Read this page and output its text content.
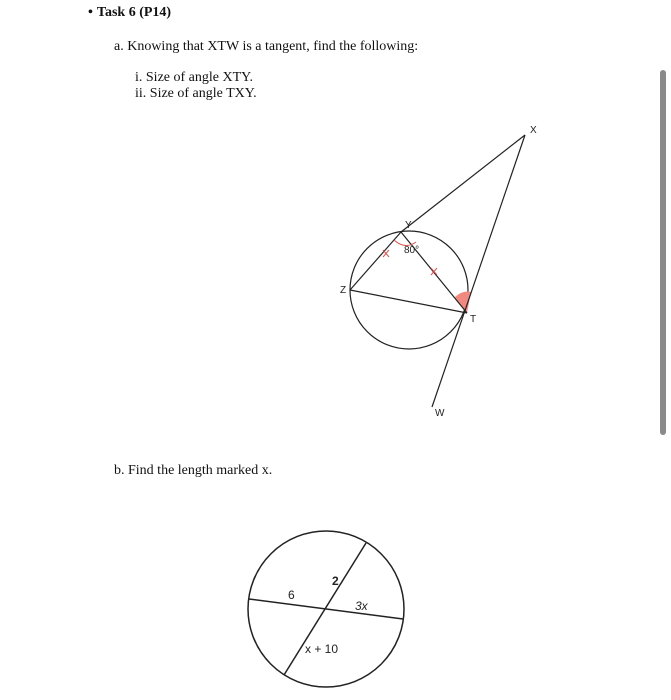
• Task 6 (P14)
a. Knowing that XTW is a tangent, find the following:
i. Size of angle XTY.
ii. Size of angle TXY.
80°
X
Y
Z
T
W
6
2
3x
x + 10
b. Find the length marked x.
